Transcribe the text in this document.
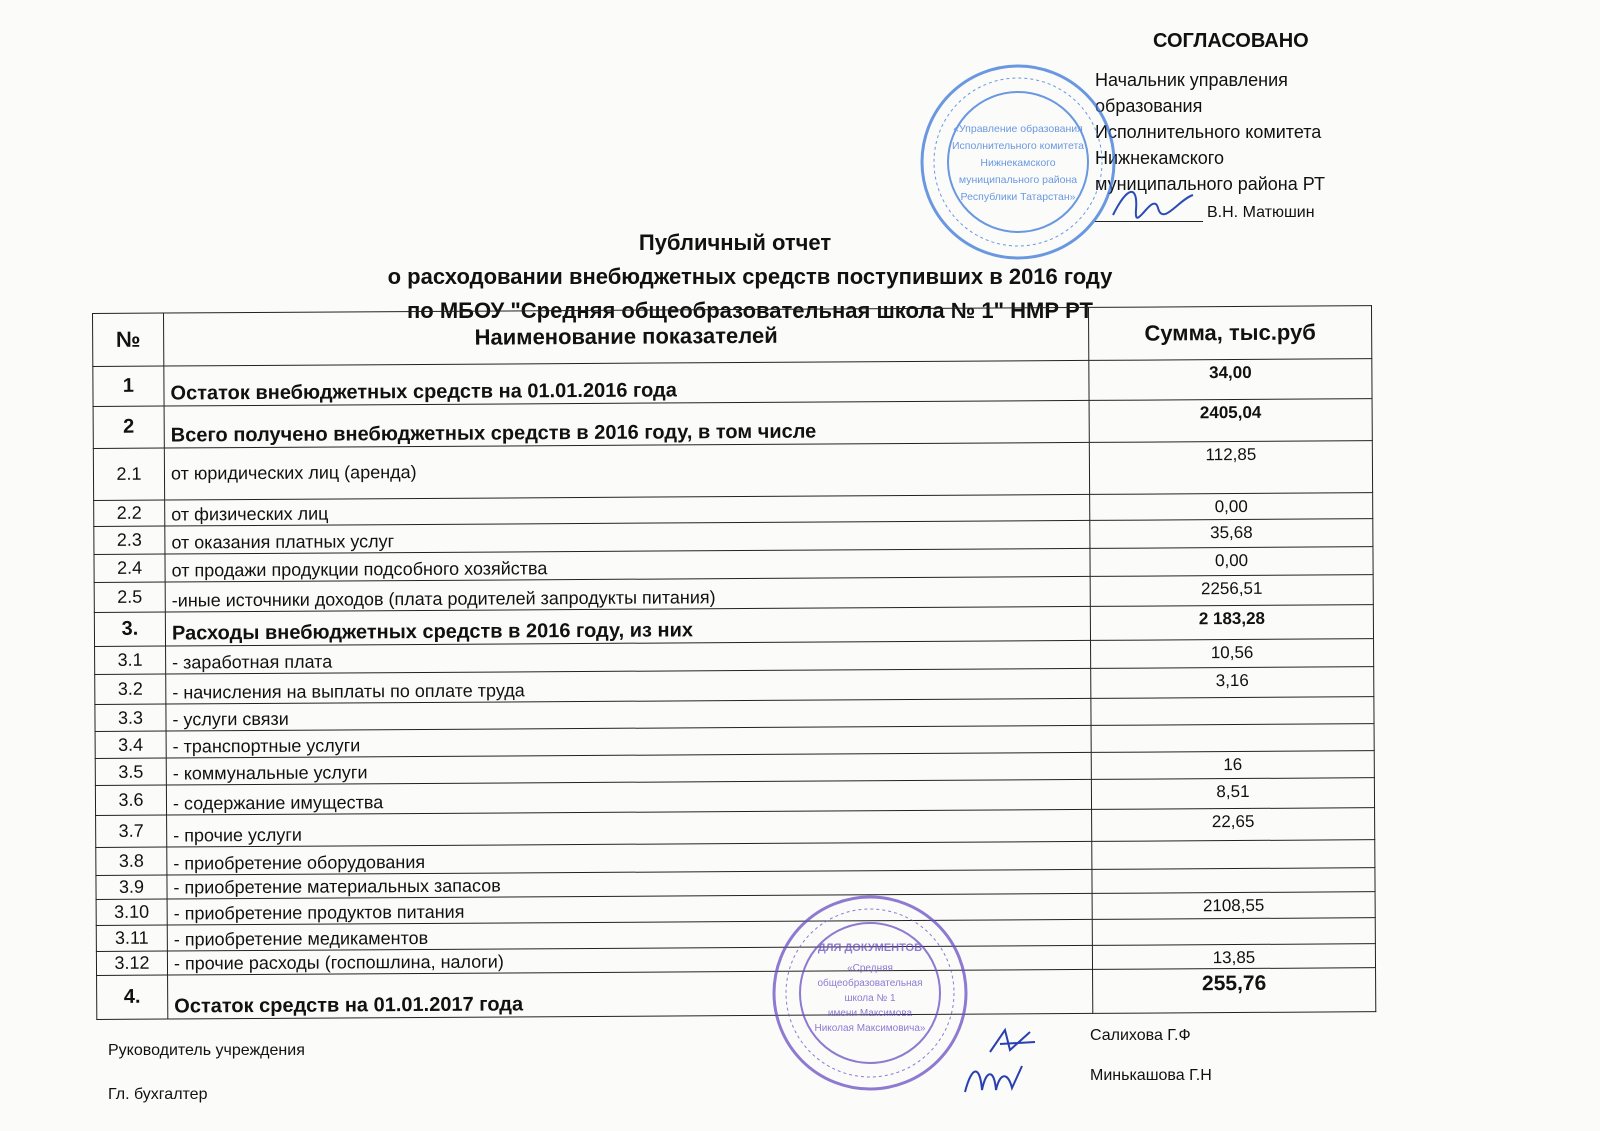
СОГЛАСОВАНО
Начальник управления
образования
Исполнительного комитета
Нижнекамского
муниципального района РТ
В.Н. Матюшин
«Управление образования
Исполнительного комитета
Нижнекамского
муниципального района
Республики Татарстан»
Публичный отчет
о расходовании внебюджетных средств поступивших в 2016 году
по МБОУ "Средняя общеобразовательная школа № 1" НМР РТ
№	Наименование показателей	Сумма, тыс.руб
1	Остаток внебюджетных средств на 01.01.2016 года	34,00
2	Всего получено внебюджетных средств в 2016 году, в том числе	2405,04
2.1	от юридических лиц (аренда)	112,85
2.2	от физических лиц	0,00
2.3	от оказания платных услуг	35,68
2.4	от продажи продукции подсобного хозяйства	0,00
2.5	-иные источники доходов (плата родителей запродукты питания)	2256,51
3.	Расходы внебюджетных средств в 2016 году, из них	2 183,28
3.1	- заработная плата	10,56
3.2	- начисления на выплаты по оплате труда	3,16
3.3	- услуги связи	
3.4	- транспортные услуги	
3.5	- коммунальные услуги	16
3.6	- содержание имущества	8,51
3.7	- прочие услуги	22,65
3.8	- приобретение оборудования	
3.9	- приобретение материальных запасов	
3.10	- приобретение продуктов питания	2108,55
3.11	- приобретение медикаментов	
3.12	- прочие расходы (госпошлина, налоги)	13,85
4.	Остаток средств на 01.01.2017 года	255,76
ДЛЯ ДОКУМЕНТОВ
«Средняя
общеобразовательная
школа № 1
имени Максимова
Николая Максимовича»
Руководитель учреждения
Гл. бухгалтер
Салихова Г.Ф
Минькашова Г.Н
